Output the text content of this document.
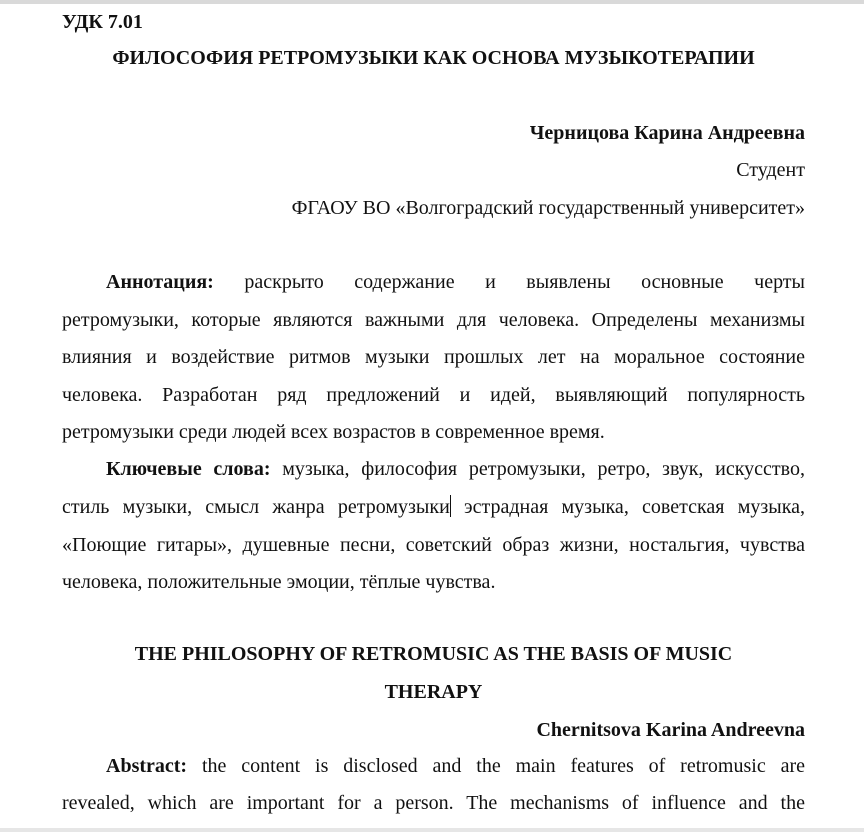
УДК 7.01
ФИЛОСОФИЯ РЕТРОМУЗЫКИ КАК ОСНОВА МУЗЫКОТЕРАПИИ
Черницова Карина Андреевна
Студент
ФГАОУ ВО «Волгоградский государственный университет»
Аннотация: раскрыто содержание и выявлены основные черты
ретромузыки, которые являются важными для человека. Определены механизмы
влияния и воздействие ритмов музыки прошлых лет на моральное состояние
человека. Разработан ряд предложений и идей, выявляющий популярность
ретромузыки среди людей всех возрастов в современное время.
Ключевые слова: музыка, философия ретромузыки, ретро, звук, искусство,
стиль музыки, смысл жанра ретромузыки эстрадная музыка, советская музыка,
«Поющие гитары», душевные песни, советский образ жизни, ностальгия, чувства
человека, положительные эмоции, тёплые чувства.
THE PHILOSOPHY OF RETROMUSIC AS THE BASIS OF MUSIC
THERAPY
Chernitsova Karina Andreevna
Abstract: the content is disclosed and the main features of retromusic are
revealed, which are important for a person. The mechanisms of influence and the
